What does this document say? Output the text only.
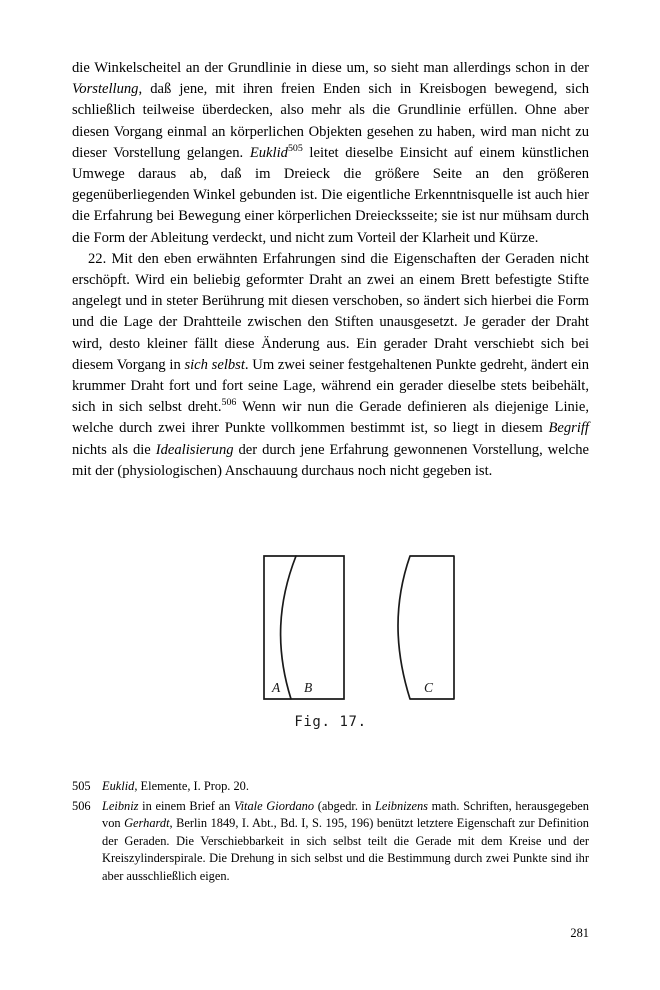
die Winkelscheitel an der Grundlinie in diese um, so sieht man allerdings schon in der Vorstellung, daß jene, mit ihren freien Enden sich in Kreisbogen bewegend, sich schließlich teilweise überdecken, also mehr als die Grundlinie erfüllen. Ohne aber diesen Vorgang einmal an körperlichen Objekten gesehen zu haben, wird man nicht zu dieser Vorstellung gelangen. Euklid$^{505}$ leitet dieselbe Einsicht auf einem künstlichen Umwege daraus ab, daß im Dreieck die größere Seite an den größeren gegenüberliegenden Winkel gebunden ist. Die eigentliche Erkenntnisquelle ist auch hier die Erfahrung bei Bewegung einer körperlichen Dreiecksseite; sie ist nur mühsam durch die Form der Ableitung verdeckt, und nicht zum Vorteil der Klarheit und Kürze.

22. Mit den eben erwähnten Erfahrungen sind die Eigenschaften der Geraden nicht erschöpft. Wird ein beliebig geformter Draht an zwei an einem Brett befestigte Stifte angelegt und in steter Berührung mit diesen verschoben, so ändert sich hierbei die Form und die Lage der Drahtteile zwischen den Stiften unausgesetzt. Je gerader der Draht wird, desto kleiner fällt diese Änderung aus. Ein gerader Draht verschiebt sich bei diesem Vorgang in sich selbst. Um zwei seiner festgehaltenen Punkte gedreht, ändert ein krummer Draht fort und fort seine Lage, während ein gerader dieselbe stets beibehält, sich in sich selbst dreht.$^{506}$ Wenn wir nun die Gerade definieren als diejenige Linie, welche durch zwei ihrer Punkte vollkommen bestimmt ist, so liegt in diesem Begriff nichts als die Idealisierung der durch jene Erfahrung gewonnenen Vorstellung, welche mit der (physiologischen) Anschauung durchaus noch nicht gegeben ist.

A B	C
Fig. 17.
505 Euklid, Elemente, I. Prop. 20.
506 Leibniz in einem Brief an Vitale Giordano (abgedr. in Leibnizens math. Schriften, herausgegeben von Gerhardt, Berlin 1849, I. Abt., Bd. I, S. 195, 196) benützt letztere Eigenschaft zur Definition der Geraden. Die Verschiebbarkeit in sich selbst teilt die Gerade mit dem Kreise und der Kreiszylinderspirale. Die Drehung in sich selbst und die Bestimmung durch zwei Punkte sind ihr aber ausschließlich eigen.
281
